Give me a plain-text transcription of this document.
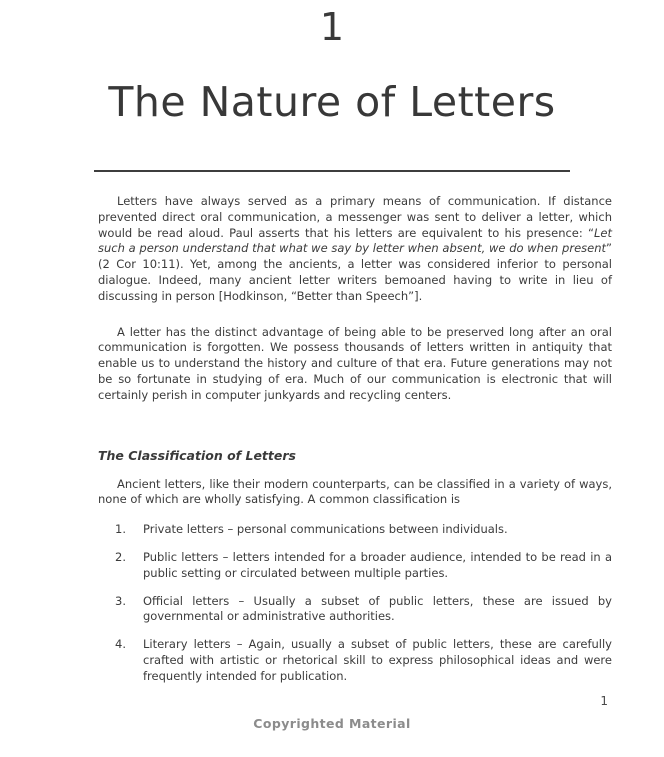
1
The Nature of Letters

Letters have always served as a primary means of communication. If distance prevented direct oral communication, a messenger was sent to deliver a letter, which would be read aloud. Paul asserts that his letters are equivalent to his presence: “Let such a person understand that what we say by letter when absent, we do when present” (2 Cor 10:11). Yet, among the ancients, a letter was considered inferior to personal dialogue. Indeed, many ancient letter writers bemoaned having to write in lieu of discussing in person [Hodkinson, “Better than Speech”].

A letter has the distinct advantage of being able to be preserved long after an oral communication is forgotten. We possess thousands of letters written in antiquity that enable us to understand the history and culture of that era. Future generations may not be so fortunate in studying of era. Much of our communication is electronic that will certainly perish in computer junkyards and recycling centers.

The Classification of Letters

Ancient letters, like their modern counterparts, can be classified in a variety of ways, none of which are wholly satisfying. A common classification is

1.	Private letters – personal communications between individuals.
2.	Public letters – letters intended for a broader audience, intended to be read in a public setting or circulated between multiple parties.
3.	Official letters – Usually a subset of public letters, these are issued by governmental or administrative authorities.
4.	Literary letters – Again, usually a subset of public letters, these are carefully crafted with artistic or rhetorical skill to express philosophical ideas and were frequently intended for publication.
1
Copyrighted Material
